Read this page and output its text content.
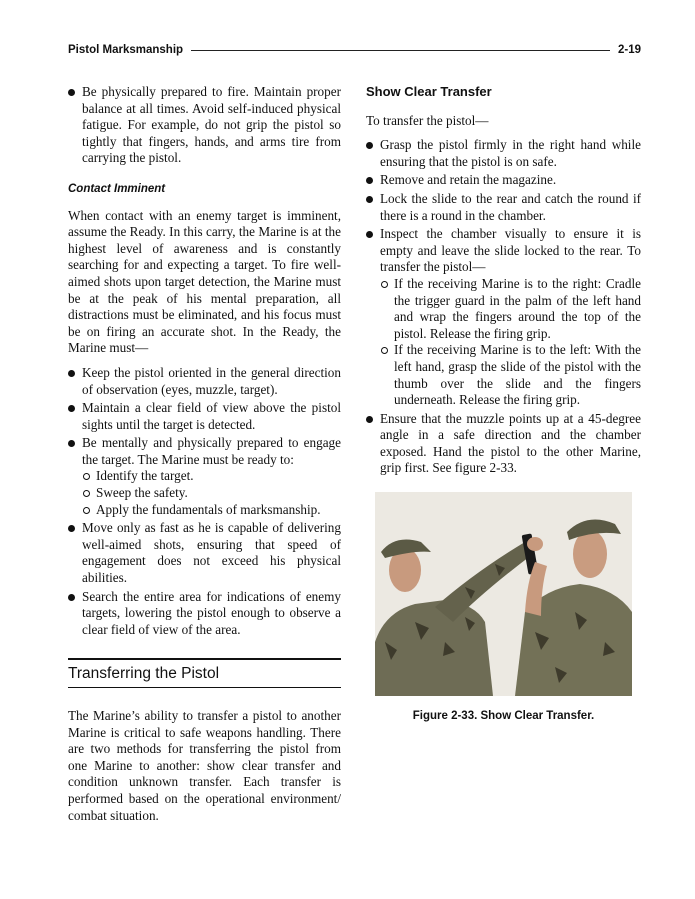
Pistol Marksmanship	2-19
Be physically prepared to fire. Maintain proper balance at all times. Avoid self-induced physical fatigue. For example, do not grip the pistol so tightly that fingers, hands, and arms tire from carrying the pistol.
Contact Imminent

When contact with an enemy target is imminent, assume the Ready. In this carry, the Marine is at the highest level of awareness and is constantly searching for and expecting a target. To fire well-aimed shots upon target detection, the Marine must be at the peak of his mental preparation, all distractions must be eliminated, and his focus must be on firing an accurate shot. In the Ready, the Marine must—

Keep the pistol oriented in the general direction of observation (eyes, muzzle, target).
Maintain a clear field of view above the pistol sights until the target is detected.
Be mentally and physically prepared to engage the target. The Marine must be ready to:
Identify the target.
Sweep the safety.
Apply the fundamentals of marksmanship.
Move only as fast as he is capable of delivering well-aimed shots, ensuring that speed of engagement does not exceed his physical abilities.
Search the entire area for indications of enemy targets, lowering the pistol enough to observe a clear field of view of the area.
Transferring the Pistol

The Marine’s ability to transfer a pistol to another Marine is critical to safe weapons handling. There are two methods for transferring the pistol from one Marine to another: show clear transfer and condition unknown transfer. Each transfer is performed based on the operational environment/ combat situation.

Show Clear Transfer

To transfer the pistol—

Grasp the pistol firmly in the right hand while ensuring that the pistol is on safe.
Remove and retain the magazine.
Lock the slide to the rear and catch the round if there is a round in the chamber.
Inspect the chamber visually to ensure it is empty and leave the slide locked to the rear. To transfer the pistol—
If the receiving Marine is to the right: Cradle the trigger guard in the palm of the left hand and wrap the fingers around the top of the pistol. Release the firing grip.
If the receiving Marine is to the left: With the left hand, grasp the slide of the pistol with the thumb over the slide and the fingers underneath. Release the firing grip.
Ensure that the muzzle points up at a 45-degree angle in a safe direction and the chamber exposed. Hand the pistol to the other Marine, grip first. See figure 2-33.
Figure 2-33. Show Clear Transfer.
